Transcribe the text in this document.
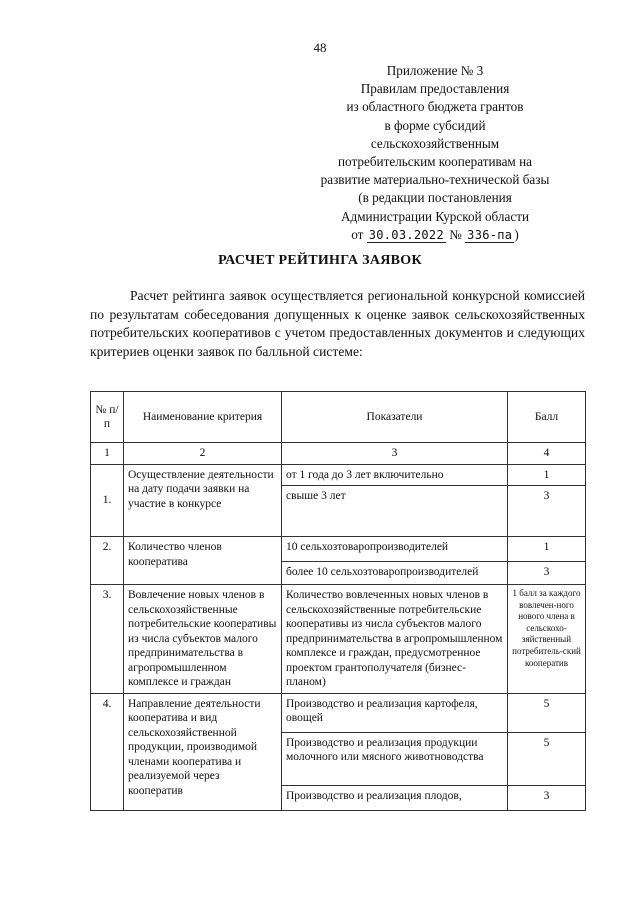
48
Приложение № 3
Правилам предоставления
из областного бюджета грантов
в форме субсидий
сельскохозяйственным
потребительским кооперативам на
развитие материально-технической базы
(в редакции постановления
Администрации Курской области
от 30.03.2022 № 336-па )
РАСЧЕТ РЕЙТИНГА ЗАЯВОК
Расчет рейтинга заявок осуществляется региональной конкурсной комиссией по результатам собеседования допущенных к оценке заявок сельскохозяйственных потребительских кооперативов с учетом предоставленных документов и следующих критериев оценки заявок по балльной системе:
№ п/п	Наименование критерия	Показатели	Балл
1	2	3	4
1.	Осуществление деятельности на дату подачи заявки на участие в конкурсе	от 1 года до 3 лет включительно	1
		свыше 3 лет	3
2.	Количество членов кооператива	10 сельхозтоваропроизводителей	1
		более 10 сельхозтоваропроизводителей	3
3.	Вовлечение новых членов в сельскохозяйственные потребительские кооперативы из числа субъектов малого предпринимательства в агропромышленном комплексе и граждан	Количество вовлеченных новых членов в сельскохозяйственные потребительские кооперативы из числа субъектов малого предпринимательства в агропромышленном комплексе и граждан, предусмотренное проектом грантополучателя (бизнес-планом)	1 балл за каждого вовлечен-ного нового члена в сельскохо-зяйственный потребитель-ский кооператив
4.	Направление деятельности кооператива и вид сельскохозяйственной продукции, производимой членами кооператива и реализуемой через кооператив	Производство и реализация картофеля, овощей	5
		Производство и реализация продукции молочного или мясного животноводства	5
		Производство и реализация плодов,	3
